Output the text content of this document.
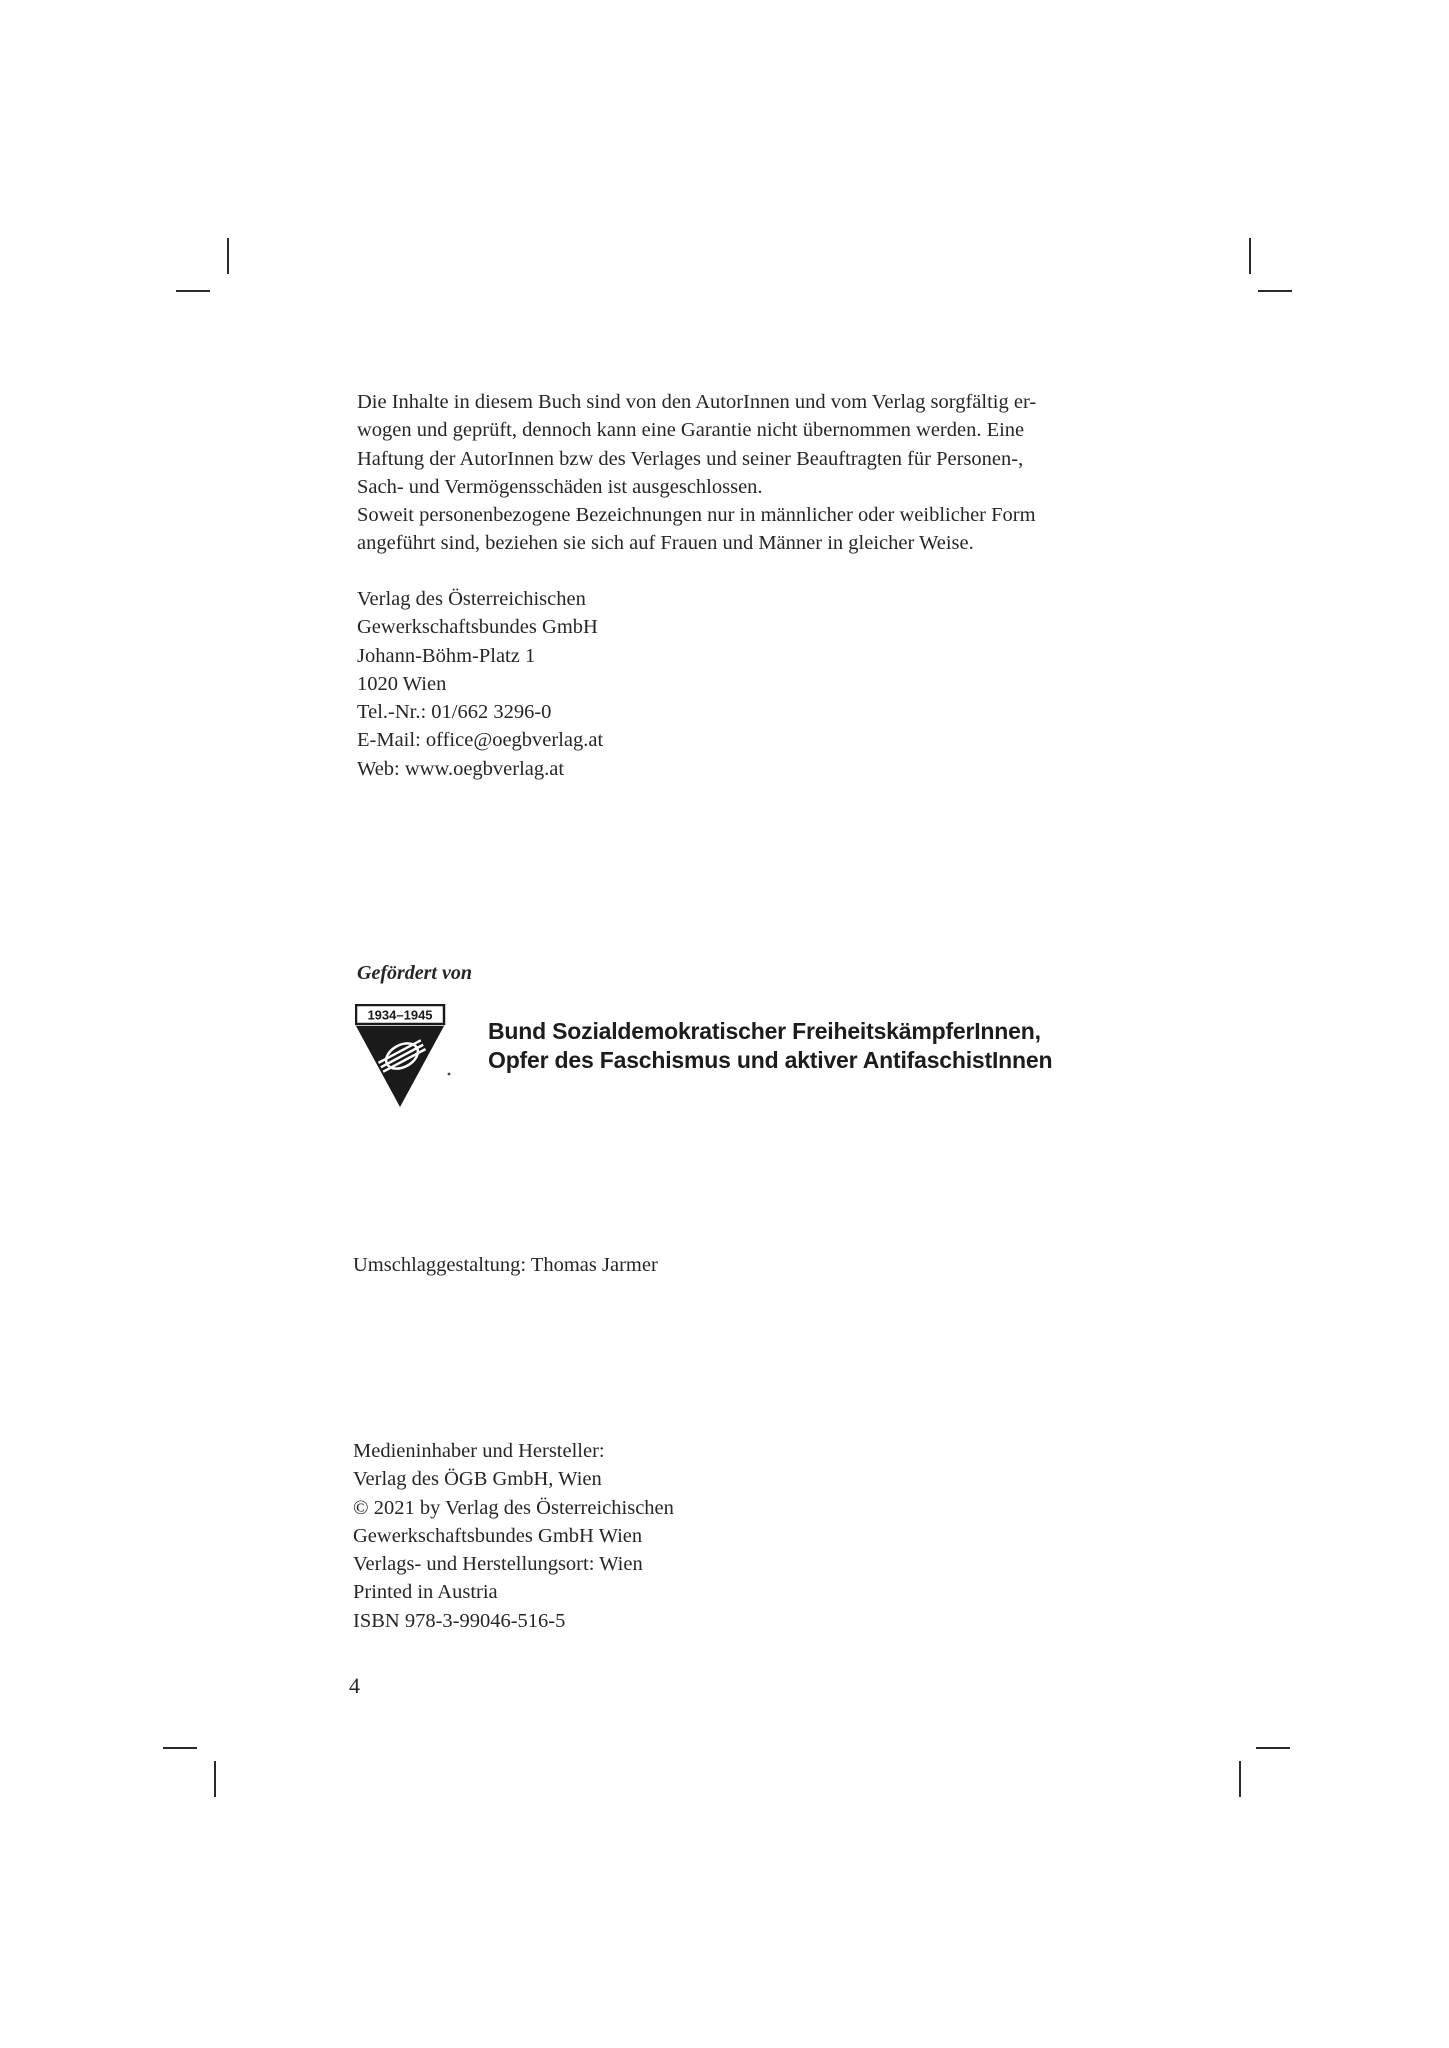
Die Inhalte in diesem Buch sind von den AutorInnen und vom Verlag sorgfältig er-
wogen und geprüft, dennoch kann eine Garantie nicht übernommen werden. Eine
Haftung der AutorInnen bzw des Verlages und seiner Beauftragten für Personen-,
Sach- und Vermögensschäden ist ausgeschlossen.

Soweit personenbezogene Bezeichnungen nur in männlicher oder weiblicher Form
angeführt sind, beziehen sie sich auf Frauen und Männer in gleicher Weise.

Verlag des Österreichischen
Gewerkschaftsbundes GmbH
Johann-Böhm-Platz 1
1020 Wien
Tel.-Nr.: 01/662 3296-0
E-Mail: office@oegbverlag.at
Web: www.oegbverlag.at
Gefördert von
1934–1945
Bund Sozialdemokratischer FreiheitskämpferInnen,
Opfer des Faschismus und aktiver AntifaschistInnen
Umschlaggestaltung: Thomas Jarmer
Medieninhaber und Hersteller:
Verlag des ÖGB GmbH, Wien
© 2021 by Verlag des Österreichischen
Gewerkschaftsbundes GmbH Wien
Verlags- und Herstellungsort: Wien
Printed in Austria
ISBN 978-3-99046-516-5
4
